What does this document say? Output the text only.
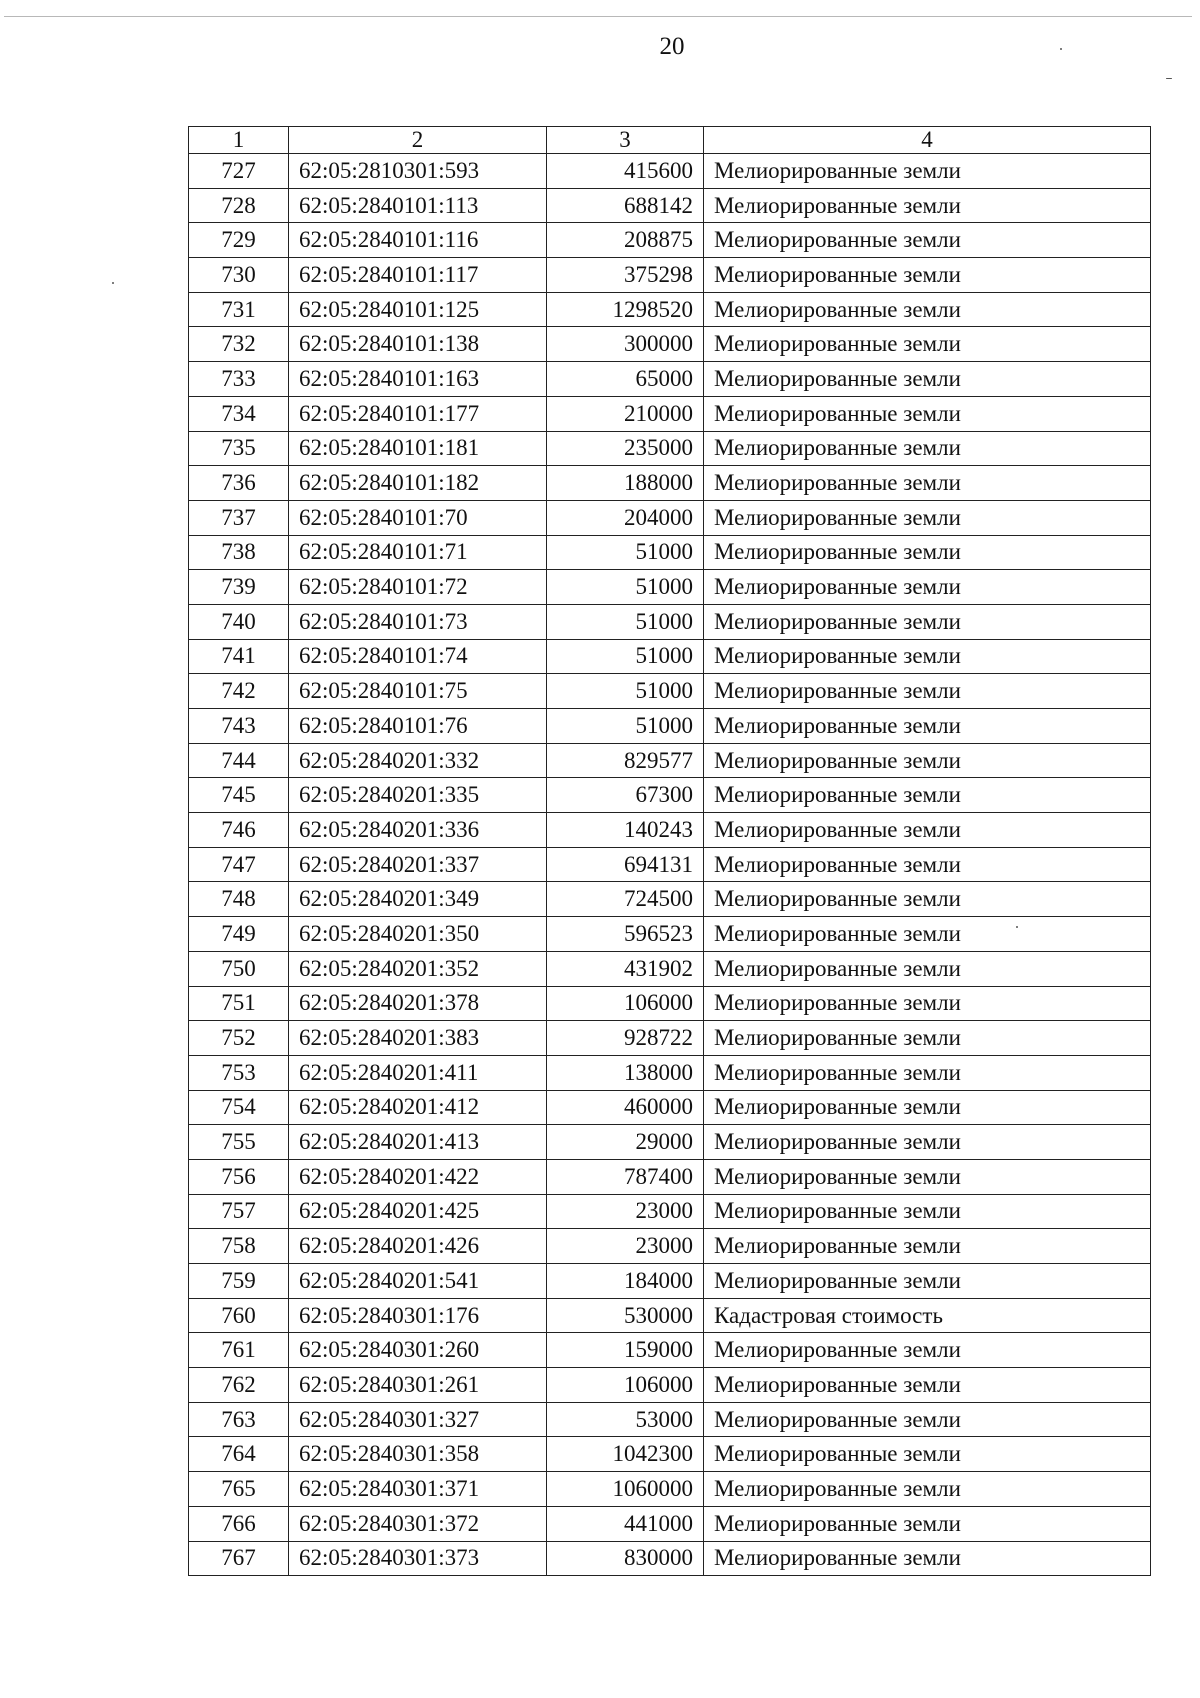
20
1	2	3	4
727	62:05:2810301:593	415600	Мелиорированные земли
728	62:05:2840101:113	688142	Мелиорированные земли
729	62:05:2840101:116	208875	Мелиорированные земли
730	62:05:2840101:117	375298	Мелиорированные земли
731	62:05:2840101:125	1298520	Мелиорированные земли
732	62:05:2840101:138	300000	Мелиорированные земли
733	62:05:2840101:163	65000	Мелиорированные земли
734	62:05:2840101:177	210000	Мелиорированные земли
735	62:05:2840101:181	235000	Мелиорированные земли
736	62:05:2840101:182	188000	Мелиорированные земли
737	62:05:2840101:70	204000	Мелиорированные земли
738	62:05:2840101:71	51000	Мелиорированные земли
739	62:05:2840101:72	51000	Мелиорированные земли
740	62:05:2840101:73	51000	Мелиорированные земли
741	62:05:2840101:74	51000	Мелиорированные земли
742	62:05:2840101:75	51000	Мелиорированные земли
743	62:05:2840101:76	51000	Мелиорированные земли
744	62:05:2840201:332	829577	Мелиорированные земли
745	62:05:2840201:335	67300	Мелиорированные земли
746	62:05:2840201:336	140243	Мелиорированные земли
747	62:05:2840201:337	694131	Мелиорированные земли
748	62:05:2840201:349	724500	Мелиорированные земли
749	62:05:2840201:350	596523	Мелиорированные земли
750	62:05:2840201:352	431902	Мелиорированные земли
751	62:05:2840201:378	106000	Мелиорированные земли
752	62:05:2840201:383	928722	Мелиорированные земли
753	62:05:2840201:411	138000	Мелиорированные земли
754	62:05:2840201:412	460000	Мелиорированные земли
755	62:05:2840201:413	29000	Мелиорированные земли
756	62:05:2840201:422	787400	Мелиорированные земли
757	62:05:2840201:425	23000	Мелиорированные земли
758	62:05:2840201:426	23000	Мелиорированные земли
759	62:05:2840201:541	184000	Мелиорированные земли
760	62:05:2840301:176	530000	Кадастровая стоимость
761	62:05:2840301:260	159000	Мелиорированные земли
762	62:05:2840301:261	106000	Мелиорированные земли
763	62:05:2840301:327	53000	Мелиорированные земли
764	62:05:2840301:358	1042300	Мелиорированные земли
765	62:05:2840301:371	1060000	Мелиорированные земли
766	62:05:2840301:372	441000	Мелиорированные земли
767	62:05:2840301:373	830000	Мелиорированные земли
